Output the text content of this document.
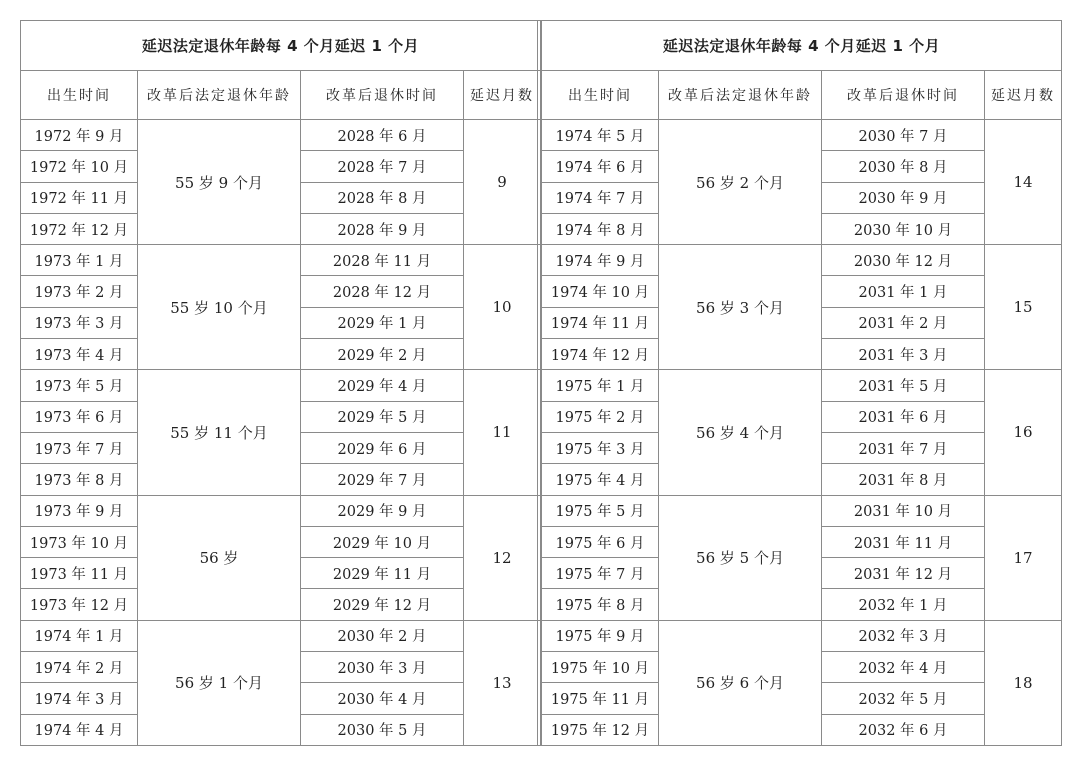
延迟法定退休年龄每 4 个月延迟 1 个月			
出生时间	改革后法定退休年龄	改革后退休时间	延迟月数
1972 年 9 月	55 岁 9 个月	2028 年 6 月	9
1972 年 10 月		2028 年 7 月	
1972 年 11 月		2028 年 8 月	
1972 年 12 月		2028 年 9 月	
1973 年 1 月	55 岁 10 个月	2028 年 11 月	10
1973 年 2 月		2028 年 12 月	
1973 年 3 月		2029 年 1 月	
1973 年 4 月		2029 年 2 月	
1973 年 5 月	55 岁 11 个月	2029 年 4 月	11
1973 年 6 月		2029 年 5 月	
1973 年 7 月		2029 年 6 月	
1973 年 8 月		2029 年 7 月	
1973 年 9 月	56 岁	2029 年 9 月	12
1973 年 10 月		2029 年 10 月	
1973 年 11 月		2029 年 11 月	
1973 年 12 月		2029 年 12 月	
1974 年 1 月	56 岁 1 个月	2030 年 2 月	13
1974 年 2 月		2030 年 3 月	
1974 年 3 月		2030 年 4 月	
1974 年 4 月		2030 年 5 月	
延迟法定退休年龄每 4 个月延迟 1 个月			
出生时间	改革后法定退休年龄	改革后退休时间	延迟月数
1974 年 5 月	56 岁 2 个月	2030 年 7 月	14
1974 年 6 月		2030 年 8 月	
1974 年 7 月		2030 年 9 月	
1974 年 8 月		2030 年 10 月	
1974 年 9 月	56 岁 3 个月	2030 年 12 月	15
1974 年 10 月		2031 年 1 月	
1974 年 11 月		2031 年 2 月	
1974 年 12 月		2031 年 3 月	
1975 年 1 月	56 岁 4 个月	2031 年 5 月	16
1975 年 2 月		2031 年 6 月	
1975 年 3 月		2031 年 7 月	
1975 年 4 月		2031 年 8 月	
1975 年 5 月	56 岁 5 个月	2031 年 10 月	17
1975 年 6 月		2031 年 11 月	
1975 年 7 月		2031 年 12 月	
1975 年 8 月		2032 年 1 月	
1975 年 9 月	56 岁 6 个月	2032 年 3 月	18
1975 年 10 月		2032 年 4 月	
1975 年 11 月		2032 年 5 月	
1975 年 12 月		2032 年 6 月	
